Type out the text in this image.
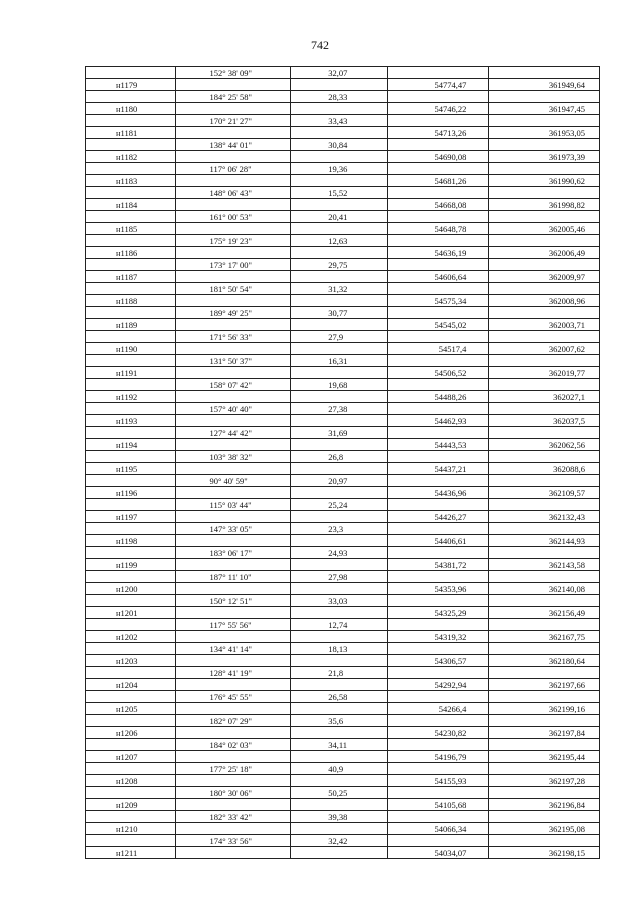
742
	152° 38' 09"	32,07		
н1179			54774,47	361949,64
	184° 25' 58"	28,33		
н1180			54746,22	361947,45
	170° 21' 27"	33,43		
н1181			54713,26	361953,05
	138° 44' 01"	30,84		
н1182			54690,08	361973,39
	117° 06' 28"	19,36		
н1183			54681,26	361990,62
	148° 06' 43"	15,52		
н1184			54668,08	361998,82
	161° 00' 53"	20,41		
н1185			54648,78	362005,46
	175° 19' 23"	12,63		
н1186			54636,19	362006,49
	173° 17' 00"	29,75		
н1187			54606,64	362009,97
	181° 50' 54"	31,32		
н1188			54575,34	362008,96
	189° 49' 25"	30,77		
н1189			54545,02	362003,71
	171° 56' 33"	27,9		
н1190			54517,4	362007,62
	131° 50' 37"	16,31		
н1191			54506,52	362019,77
	158° 07' 42"	19,68		
н1192			54488,26	362027,1
	157° 40' 40"	27,38		
н1193			54462,93	362037,5
	127° 44' 42"	31,69		
н1194			54443,53	362062,56
	103° 38' 32"	26,8		
н1195			54437,21	362088,6
	90° 40' 59"	20,97		
н1196			54436,96	362109,57
	115° 03' 44"	25,24		
н1197			54426,27	362132,43
	147° 33' 05"	23,3		
н1198			54406,61	362144,93
	183° 06' 17"	24,93		
н1199			54381,72	362143,58
	187° 11' 10"	27,98		
н1200			54353,96	362140,08
	150° 12' 51"	33,03		
н1201			54325,29	362156,49
	117° 55' 56"	12,74		
н1202			54319,32	362167,75
	134° 41' 14"	18,13		
н1203			54306,57	362180,64
	128° 41' 19"	21,8		
н1204			54292,94	362197,66
	176° 45' 55"	26,58		
н1205			54266,4	362199,16
	182° 07' 29"	35,6		
н1206			54230,82	362197,84
	184° 02' 03"	34,11		
н1207			54196,79	362195,44
	177° 25' 18"	40,9		
н1208			54155,93	362197,28
	180° 30' 06"	50,25		
н1209			54105,68	362196,84
	182° 33' 42"	39,38		
н1210			54066,34	362195,08
	174° 33' 56"	32,42		
н1211			54034,07	362198,15
